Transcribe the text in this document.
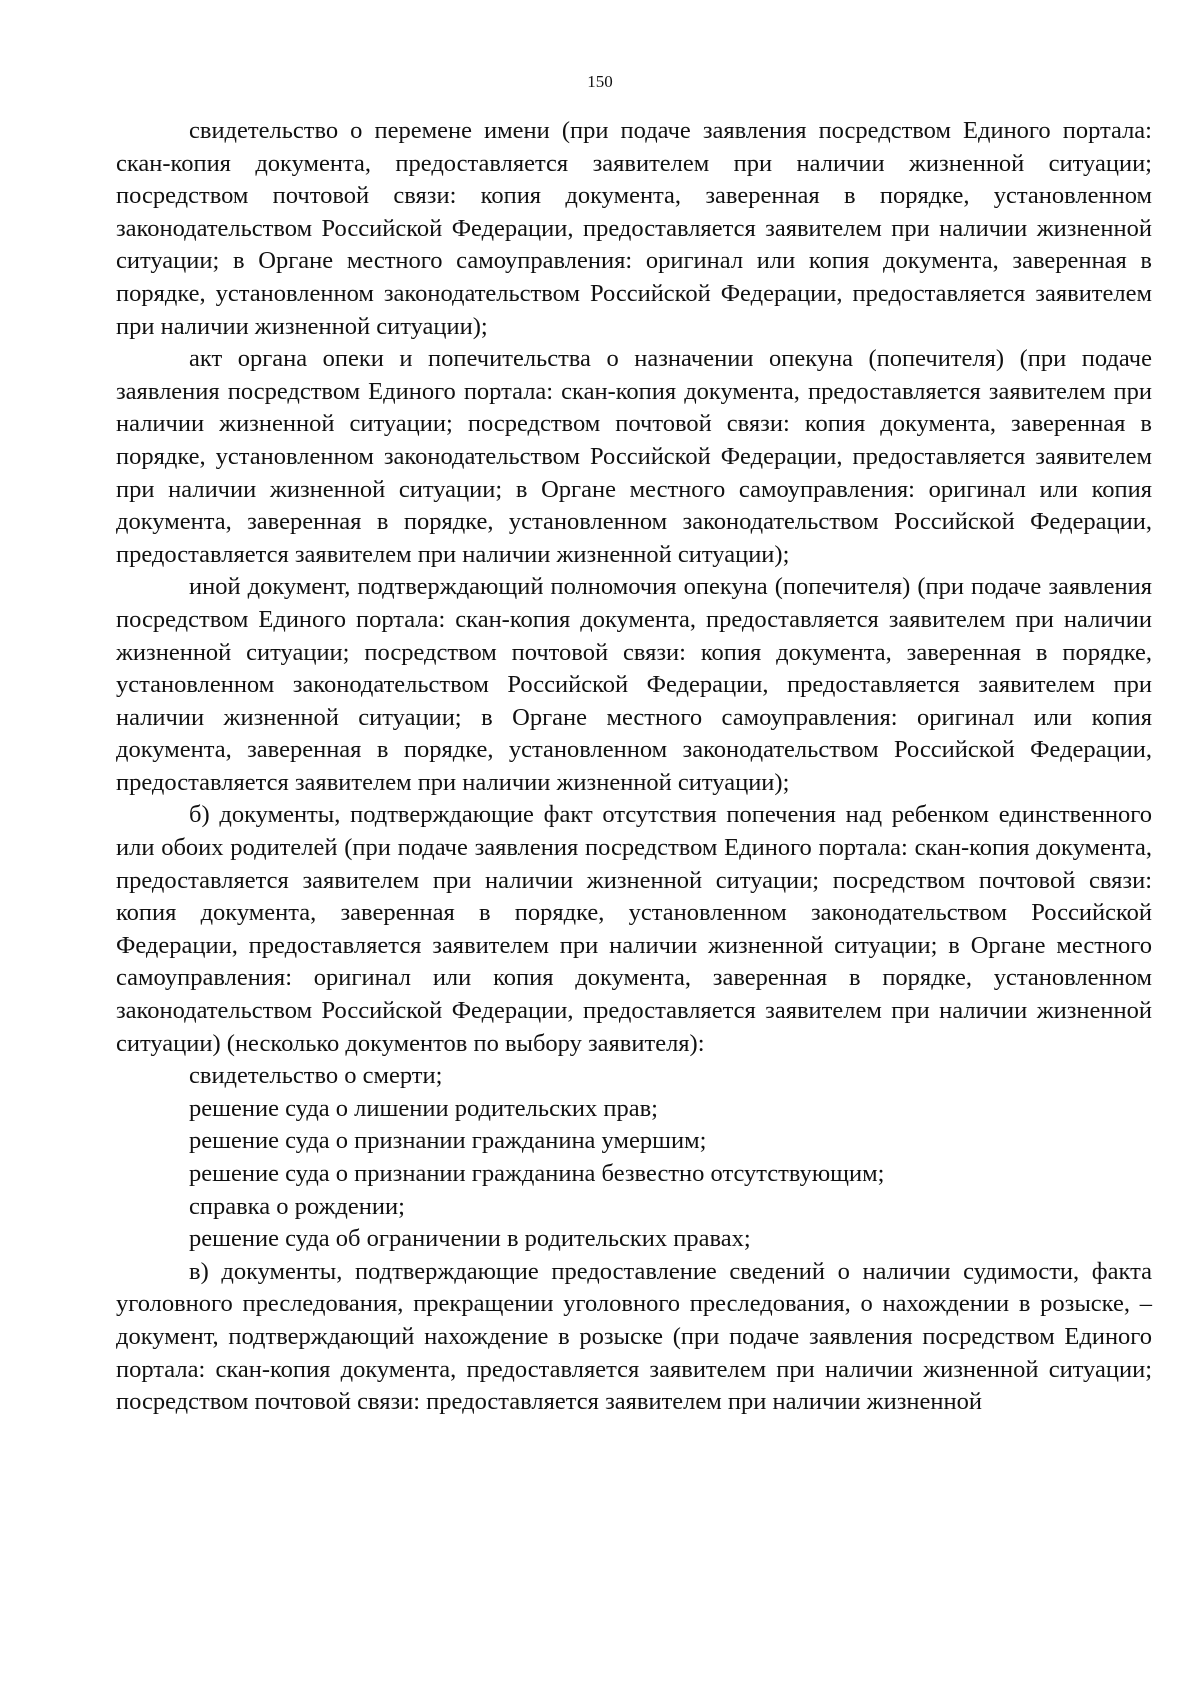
150

свидетельство о перемене имени (при подаче заявления посредством Единого портала: скан-копия документа, предоставляется заявителем при наличии жизненной ситуации; посредством почтовой связи: копия документа, заверенная в порядке, установленном законодательством Российской Федерации, предоставляется заявителем при наличии жизненной ситуации; в Органе местного самоуправления: оригинал или копия документа, заверенная в порядке, установленном законодательством Российской Федерации, предоставляется заявителем при наличии жизненной ситуации);

акт органа опеки и попечительства о назначении опекуна (попечителя) (при подаче заявления посредством Единого портала: скан-копия документа, предоставляется заявителем при наличии жизненной ситуации; посредством почтовой связи: копия документа, заверенная в порядке, установленном законодательством Российской Федерации, предоставляется заявителем при наличии жизненной ситуации; в Органе местного самоуправления: оригинал или копия документа, заверенная в порядке, установленном законодательством Российской Федерации, предоставляется заявителем при наличии жизненной ситуации);

иной документ, подтверждающий полномочия опекуна (попечителя) (при подаче заявления посредством Единого портала: скан-копия документа, предоставляется заявителем при наличии жизненной ситуации; посредством почтовой связи: копия документа, заверенная в порядке, установленном законодательством Российской Федерации, предоставляется заявителем при наличии жизненной ситуации; в Органе местного самоуправления: оригинал или копия документа, заверенная в порядке, установленном законодательством Российской Федерации, предоставляется заявителем при наличии жизненной ситуации);

б) документы, подтверждающие факт отсутствия попечения над ребенком единственного или обоих родителей (при подаче заявления посредством Единого портала: скан-копия документа, предоставляется заявителем при наличии жизненной ситуации; посредством почтовой связи: копия документа, заверенная в порядке, установленном законодательством Российской Федерации, предоставляется заявителем при наличии жизненной ситуации; в Органе местного самоуправления: оригинал или копия документа, заверенная в порядке, установленном законодательством Российской Федерации, предоставляется заявителем при наличии жизненной ситуации) (несколько документов по выбору заявителя):

свидетельство о смерти;

решение суда о лишении родительских прав;

решение суда о признании гражданина умершим;

решение суда о признании гражданина безвестно отсутствующим;

справка о рождении;

решение суда об ограничении в родительских правах;

в) документы, подтверждающие предоставление сведений о наличии судимости, факта уголовного преследования, прекращении уголовного преследования, о нахождении в розыске, – документ, подтверждающий нахождение в розыске (при подаче заявления посредством Единого портала: скан-копия документа, предоставляется заявителем при наличии жизненной ситуации; посредством почтовой связи: предоставляется заявителем при наличии жизненной
